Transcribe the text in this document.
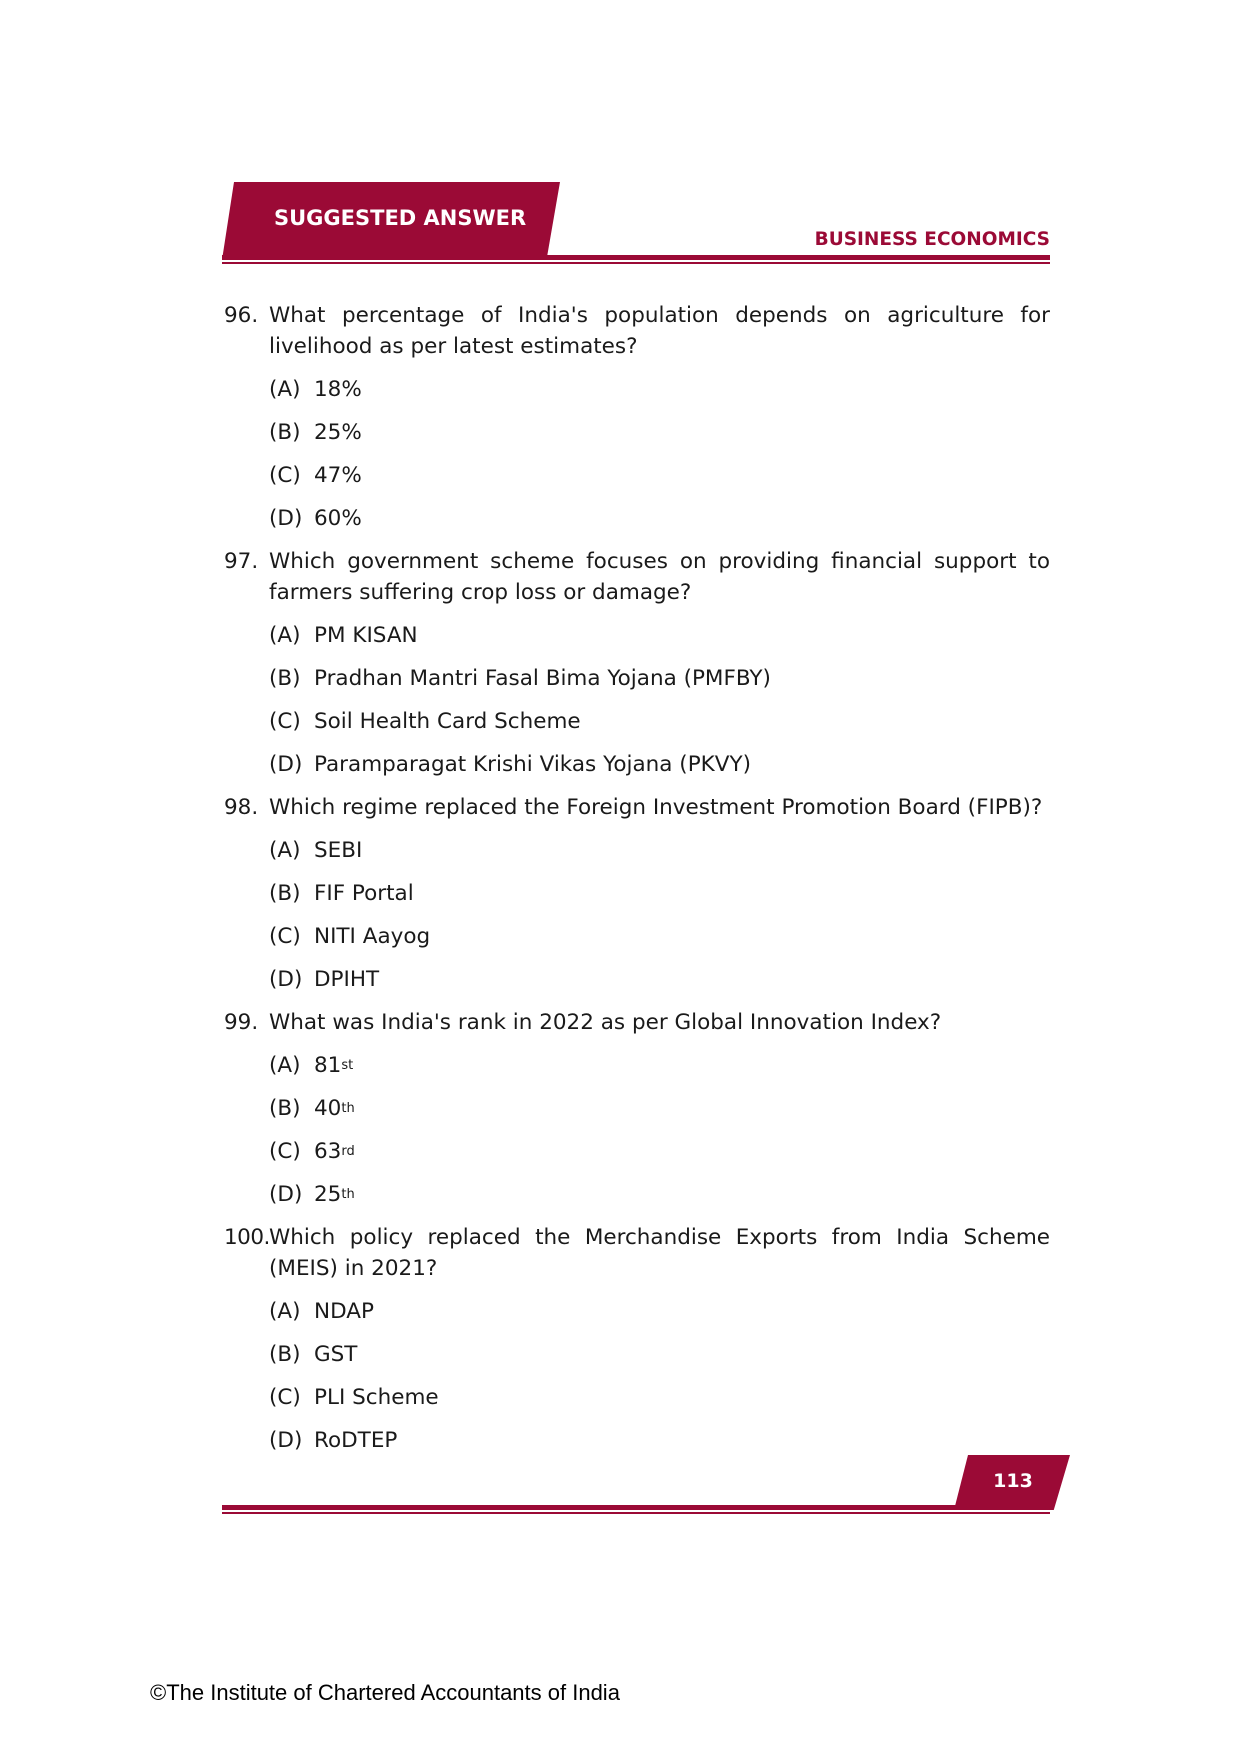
SUGGESTED ANSWER
BUSINESS ECONOMICS
96. What percentage of India's population depends on agriculture for livelihood as per latest estimates?
(A) 18%
(B) 25%
(C) 47%
(D) 60%
97. Which government scheme focuses on providing financial support to farmers suffering crop loss or damage?
(A) PM KISAN
(B) Pradhan Mantri Fasal Bima Yojana (PMFBY)
(C) Soil Health Card Scheme
(D) Paramparagat Krishi Vikas Yojana (PKVY)
98. Which regime replaced the Foreign Investment Promotion Board (FIPB)?
(A) SEBI
(B) FIF Portal
(C) NITI Aayog
(D) DPIHT
99. What was India's rank in 2022 as per Global Innovation Index?
(A) 81 st
(B) 40 th
(C) 63 rd
(D) 25 th
100. Which policy replaced the Merchandise Exports from India Scheme (MEIS) in 2021?
(A) NDAP
(B) GST
(C) PLI Scheme
(D) RoDTEP
113
©The Institute of Chartered Accountants of India
